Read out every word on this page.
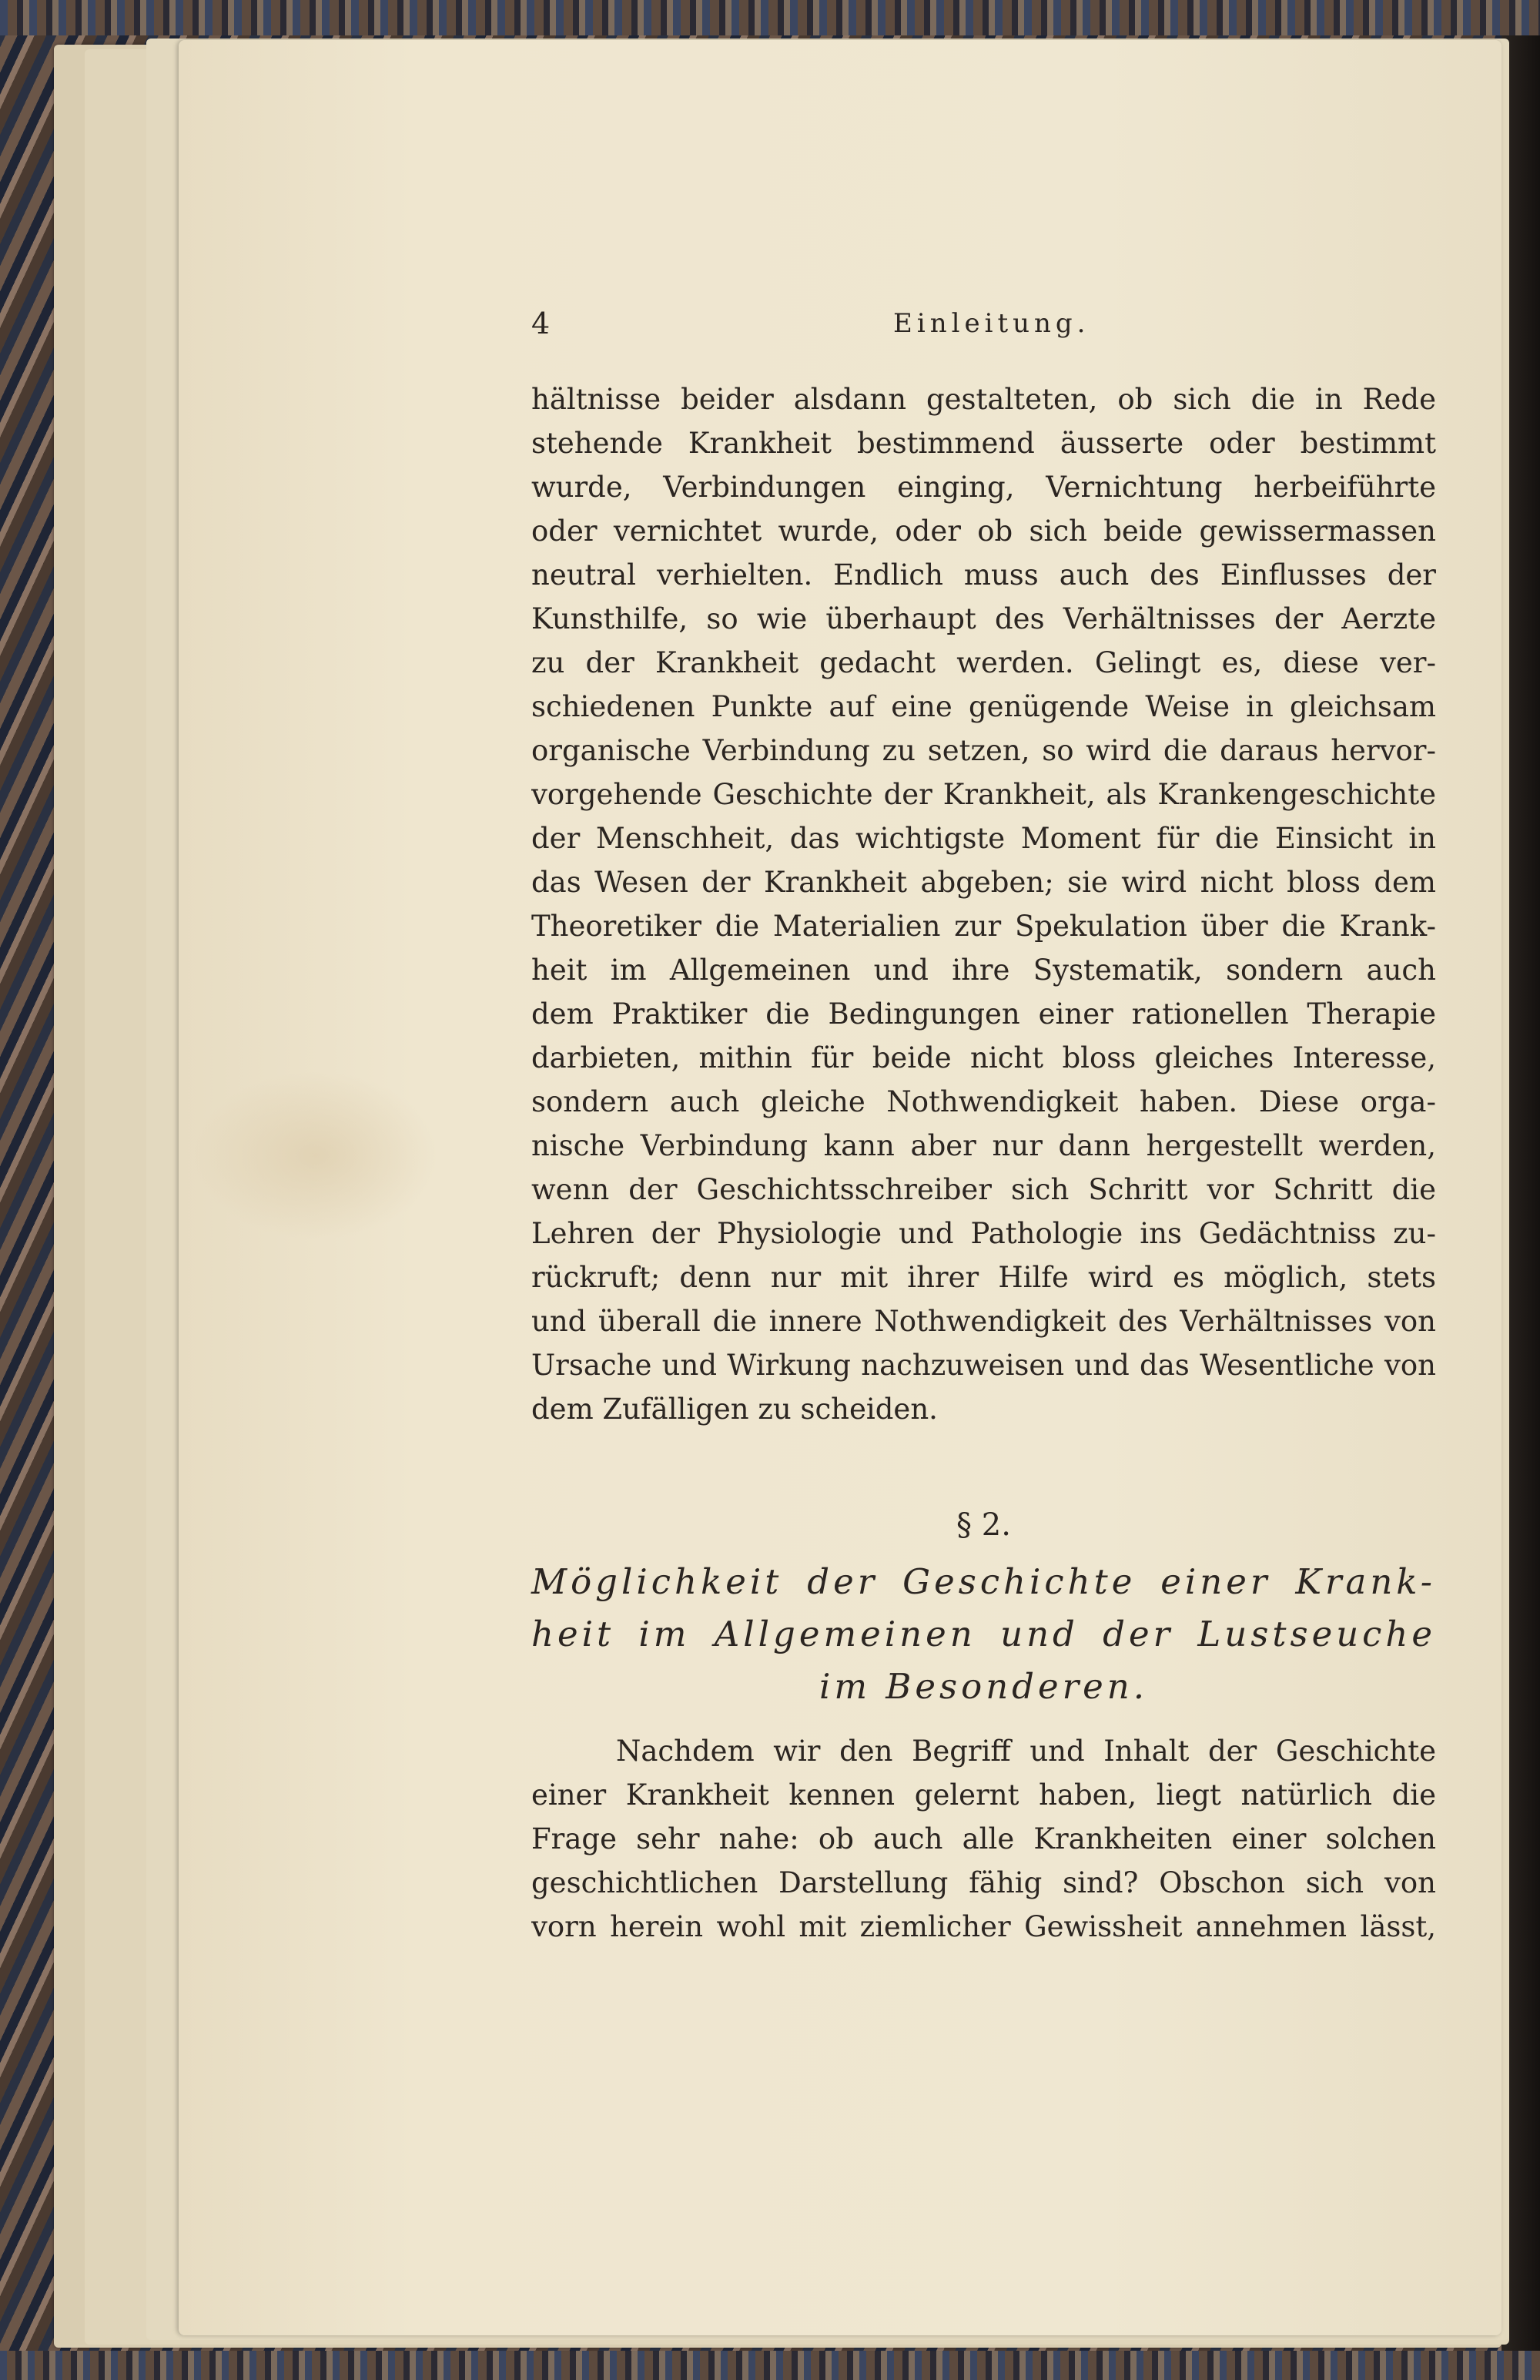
4	Einleitung.
hältnisse beider alsdann gestalteten, ob sich die in Rede
stehende Krankheit bestimmend äusserte oder bestimmt
wurde, Verbindungen einging, Vernichtung herbeiführte
oder vernichtet wurde, oder ob sich beide gewissermassen
neutral verhielten. Endlich muss auch des Einflusses der
Kunsthilfe, so wie überhaupt des Verhältnisses der Aerzte
zu der Krankheit gedacht werden. Gelingt es, diese ver-
schiedenen Punkte auf eine genügende Weise in gleichsam
organische Verbindung zu setzen, so wird die daraus hervor-
vorgehende Geschichte der Krankheit, als Krankengeschichte
der Menschheit, das wichtigste Moment für die Einsicht in
das Wesen der Krankheit abgeben; sie wird nicht bloss dem
Theoretiker die Materialien zur Spekulation über die Krank-
heit im Allgemeinen und ihre Systematik, sondern auch
dem Praktiker die Bedingungen einer rationellen Therapie
darbieten, mithin für beide nicht bloss gleiches Interesse,
sondern auch gleiche Nothwendigkeit haben. Diese orga-
nische Verbindung kann aber nur dann hergestellt werden,
wenn der Geschichtsschreiber sich Schritt vor Schritt die
Lehren der Physiologie und Pathologie ins Gedächtniss zu-
rückruft; denn nur mit ihrer Hilfe wird es möglich, stets
und überall die innere Nothwendigkeit des Verhältnisses von
Ursache und Wirkung nachzuweisen und das Wesentliche von
dem Zufälligen zu scheiden.
§ 2.
Möglichkeit der Geschichte einer Krank-
heit im Allgemeinen und der Lustseuche
im Besonderen.
Nachdem wir den Begriff und Inhalt der Geschichte
einer Krankheit kennen gelernt haben, liegt natürlich die
Frage sehr nahe: ob auch alle Krankheiten einer solchen
geschichtlichen Darstellung fähig sind? Obschon sich von
vorn herein wohl mit ziemlicher Gewissheit annehmen lässt,
